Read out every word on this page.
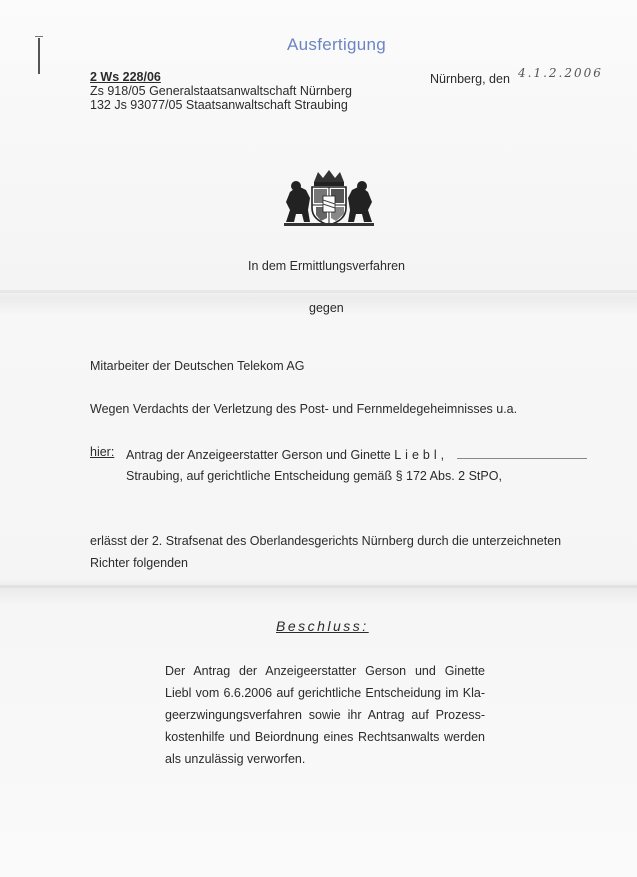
Ausfertigung
2 Ws 228/06
Zs 918/05 Generalstaatsanwaltschaft Nürnberg
132 Js 93077/05 Staatsanwaltschaft Straubing
Nürnberg, den 4.1.2.2006
In dem Ermittlungsverfahren
gegen
Mitarbeiter der Deutschen Telekom AG
Wegen Verdachts der Verletzung des Post- und Fernmeldegeheimnisses u.a.
hier: Antrag der Anzeigeerstatter Gerson und Ginette Liebl,
Straubing, auf gerichtliche Entscheidung gemäß § 172 Abs. 2 StPO,
erlässt der 2. Strafsenat des Oberlandesgerichts Nürnberg durch die unterzeichneten
Richter folgenden
Beschluss:

Der Antrag der Anzeigeerstatter Gerson und Ginette

Liebl vom 6.6.2006 auf gerichtliche Entscheidung im Kla-

geerzwingungsverfahren sowie ihr Antrag auf Prozess-

kostenhilfe und Beiordnung eines Rechtsanwalts werden

als unzulässig verworfen.
